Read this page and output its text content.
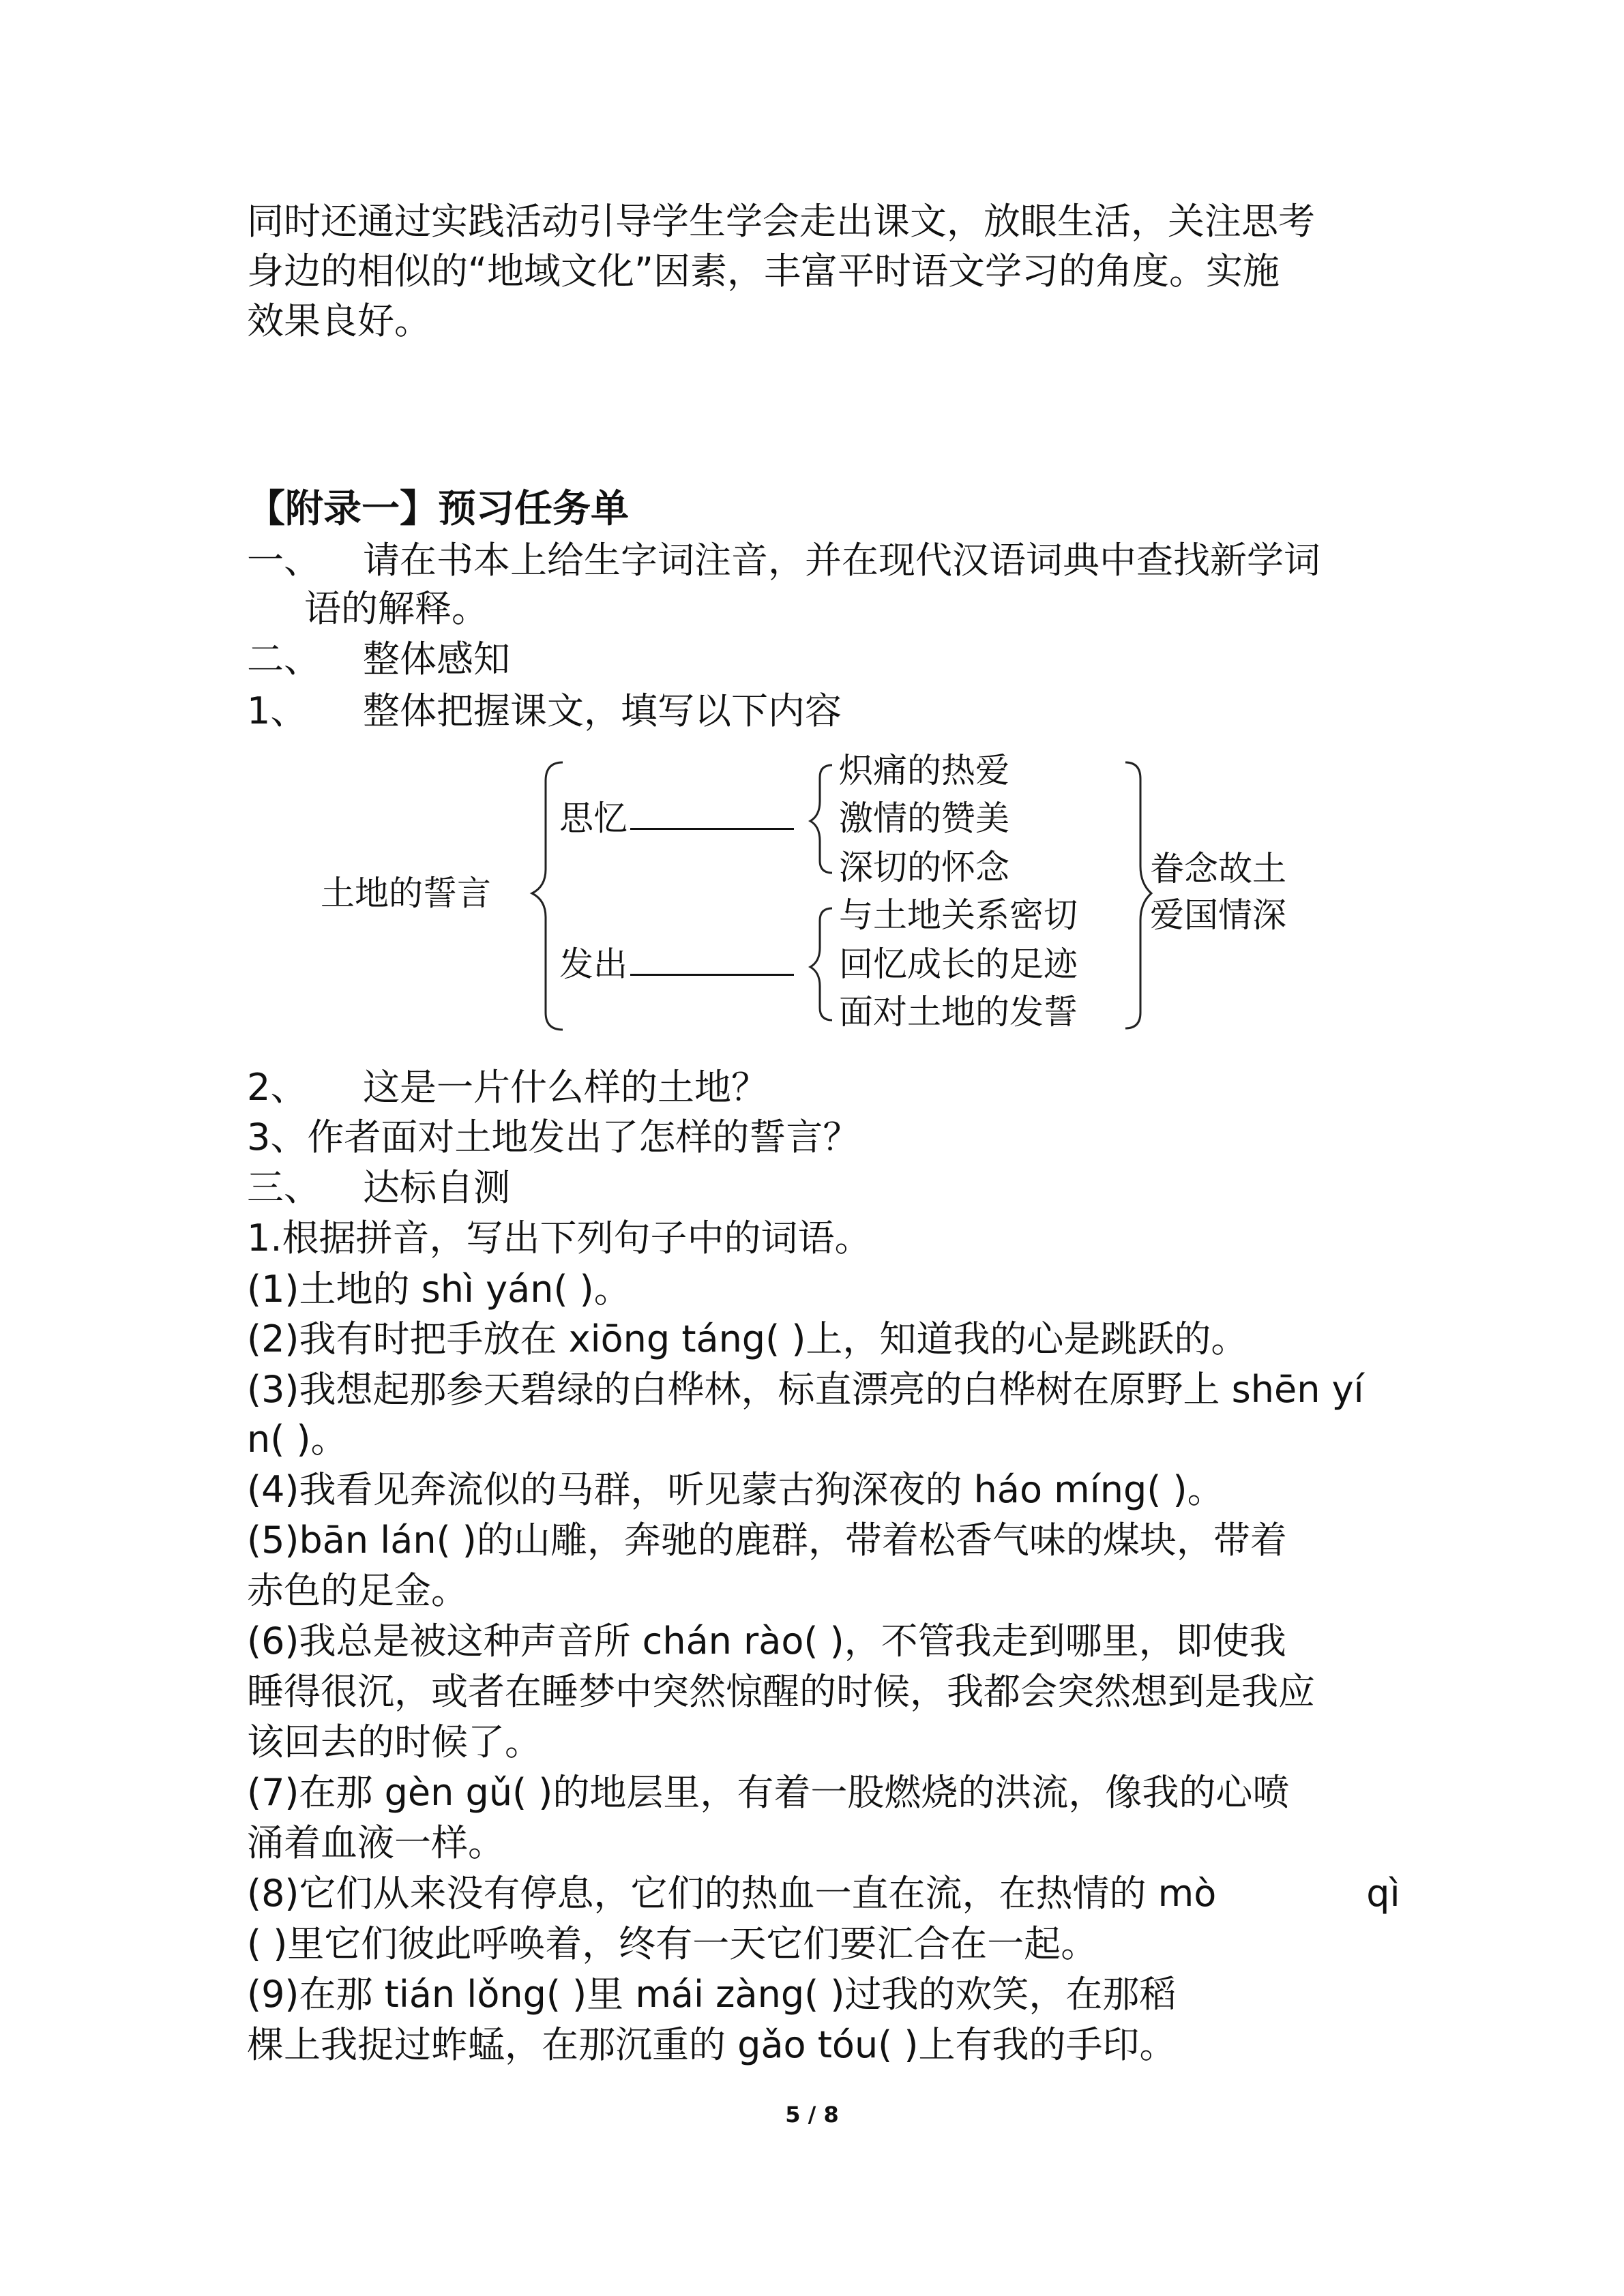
同时还通过实践活动引导学生学会走出课文，放眼生活，关注思考
身边的相似的“地域文化”因素，丰富平时语文学习的角度。实施
效果良好。
【附录一】预习任务单
一、 请在书本上给生字词注音，并在现代汉语词典中查找新学词
语的解释。
二、 整体感知
1、 整体把握课文，填写以下内容
土地的誓言
思忆
发出
炽痛的热爱
激情的赞美
深切的怀念
与土地关系密切
回忆成长的足迹
面对土地的发誓
眷念故土
爱国情深
2、 这是一片什么样的土地？
3、作者面对土地发出了怎样的誓言？
三、 达标自测
1.根据拼音，写出下列句子中的词语。
(1)土地的 shì yán( )。
(2)我有时把手放在 xiōng táng( )上，知道我的心是跳跃的。
(3)我想起那参天碧绿的白桦林，标直漂亮的白桦树在原野上 shēn yí
n( )。
(4)我看见奔流似的马群，听见蒙古狗深夜的 háo míng( )。
(5)bān lán( )的山雕，奔驰的鹿群，带着松香气味的煤块，带着
赤色的足金。
(6)我总是被这种声音所 chán rào( )，不管我走到哪里，即使我
睡得很沉，或者在睡梦中突然惊醒的时候，我都会突然想到是我应
该回去的时候了。
(7)在那 gèn gǔ( )的地层里，有着一股燃烧的洪流，像我的心喷
涌着血液一样。
(8)它们从来没有停息，它们的热血一直在流，在热情的 mò	qì
( )里它们彼此呼唤着，终有一天它们要汇合在一起。
(9)在那 tián lǒng( )里 mái zàng( )过我的欢笑，在那稻
棵上我捉过蚱蜢，在那沉重的 gǎo tóu( )上有我的手印。
5 / 8
